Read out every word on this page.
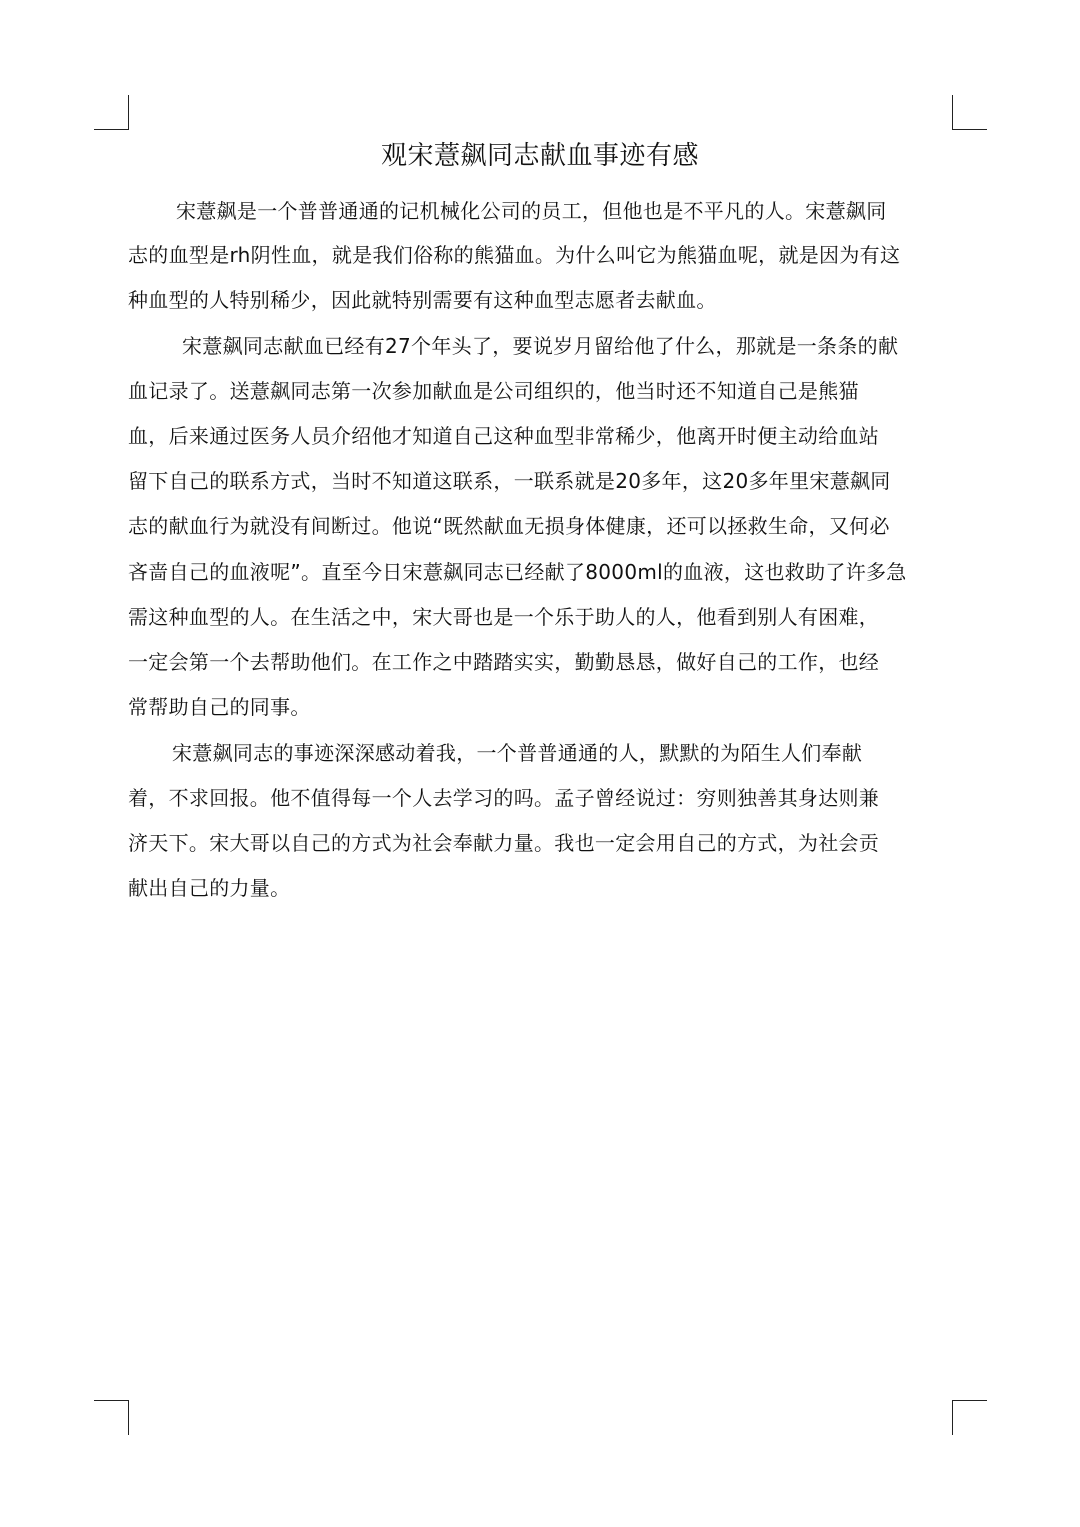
观宋薏飙同志献血事迹有感
宋薏飙是一个普普通通的记机械化公司的员工，但他也是不平凡的人。宋薏飙同
志的血型是rh阴性血，就是我们俗称的熊猫血。为什么叫它为熊猫血呢，就是因为有这
种血型的人特别稀少，因此就特别需要有这种血型志愿者去献血。
宋薏飙同志献血已经有27个年头了，要说岁月留给他了什么，那就是一条条的献
血记录了。送薏飙同志第一次参加献血是公司组织的，他当时还不知道自己是熊猫
血，后来通过医务人员介绍他才知道自己这种血型非常稀少，他离开时便主动给血站
留下自己的联系方式，当时不知道这联系，一联系就是20多年，这20多年里宋薏飙同
志的献血行为就没有间断过。他说“既然献血无损身体健康，还可以拯救生命，又何必
吝啬自己的血液呢”。直至今日宋薏飙同志已经献了8000ml的血液，这也救助了许多急
需这种血型的人。在生活之中，宋大哥也是一个乐于助人的人，他看到别人有困难，
一定会第一个去帮助他们。在工作之中踏踏实实，勤勤恳恳，做好自己的工作，也经
常帮助自己的同事。
宋薏飙同志的事迹深深感动着我，一个普普通通的人，默默的为陌生人们奉献
着，不求回报。他不值得每一个人去学习的吗。孟子曾经说过：穷则独善其身达则兼
济天下。宋大哥以自己的方式为社会奉献力量。我也一定会用自己的方式，为社会贡
献出自己的力量。
